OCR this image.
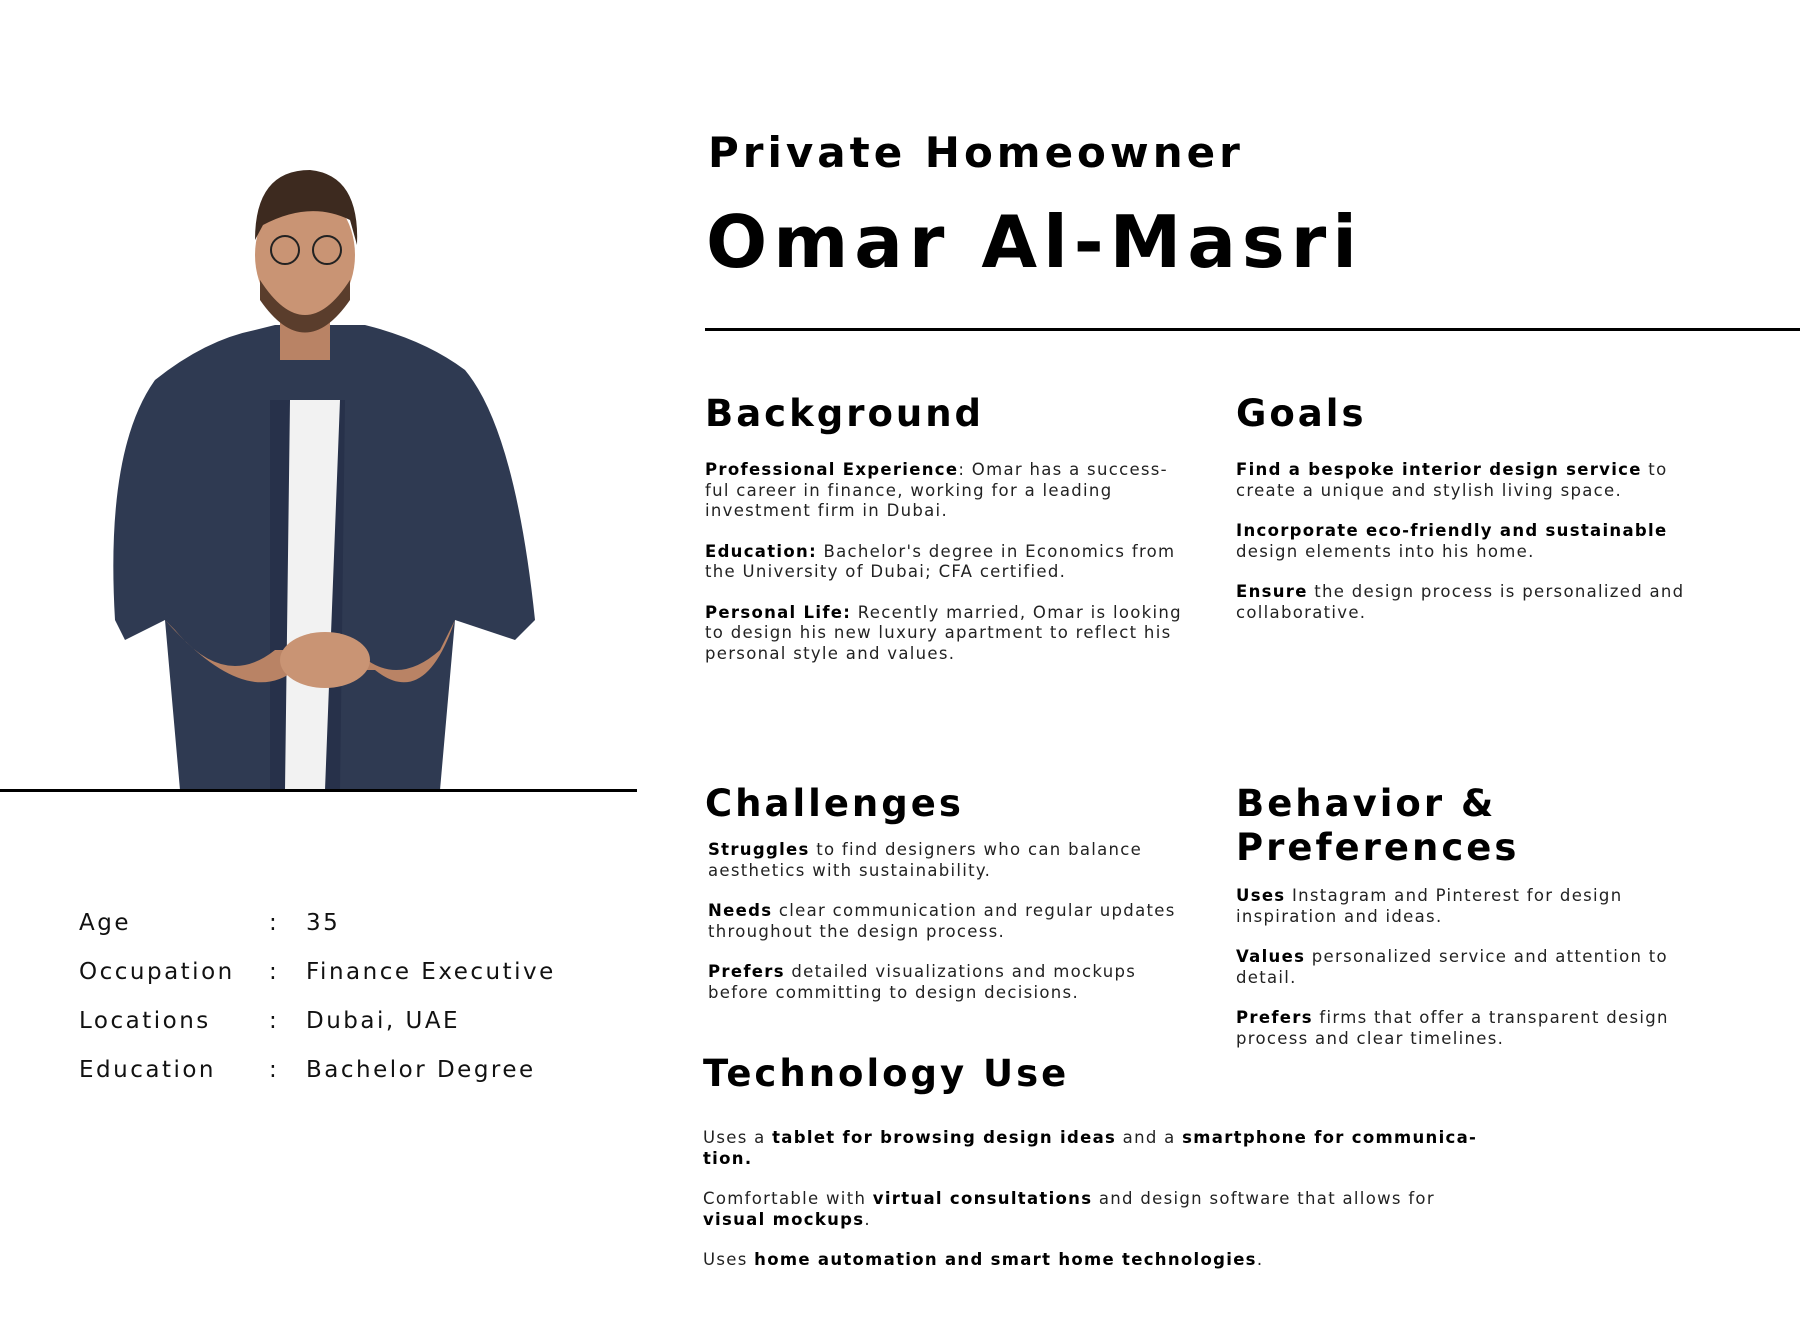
Age	:	35
Occupation	:	Finance Executive
Locations	:	Dubai, UAE
Education	:	Bachelor Degree
Private Homeowner
Omar Al-Masri
Background
Professional Experience: Omar has a success-ful career in finance, working for a leading investment firm in Dubai.
Education: Bachelor's degree in Economics from the University of Dubai; CFA certified.
Personal Life: Recently married, Omar is looking to design his new luxury apartment to reflect his personal style and values.
Goals
Find a bespoke interior design service to create a unique and stylish living space.
Incorporate eco-friendly and sustainable design elements into his home.
Ensure the design process is personalized and collaborative.
Challenges
Struggles to find designers who can balance aesthetics with sustainability.
Needs clear communication and regular updates throughout the design process.
Prefers detailed visualizations and mockups before committing to design decisions.
Behavior & Preferences
Uses Instagram and Pinterest for design inspiration and ideas.
Values personalized service and attention to detail.
Prefers firms that offer a transparent design process and clear timelines.
Technology Use
Uses a tablet for browsing design ideas and a smartphone for communica-tion.
Comfortable with virtual consultations and design software that allows for visual mockups.
Uses home automation and smart home technologies.
